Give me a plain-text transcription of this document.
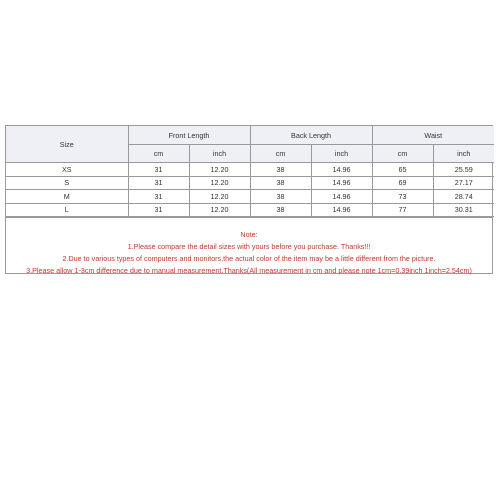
Size	Front Length		Back Length		Waist	
	cm	inch	cm	inch	cm	inch
XS	31	12.20	38	14.96	65	25.59
S	31	12.20	38	14.96	69	27.17
M	31	12.20	38	14.96	73	28.74
L	31	12.20	38	14.96	77	30.31
Note:
1.Please compare the detail sizes with yours before you purchase. Thanks!!!
2.Due to various types of computers and monitors,the actual color of the item may be a little different from the picture.
3.Please allow 1-3cm difference due to manual measurement.Thanks(All measurement in cm and please note 1cm=0.39inch 1inch=2.54cm)
